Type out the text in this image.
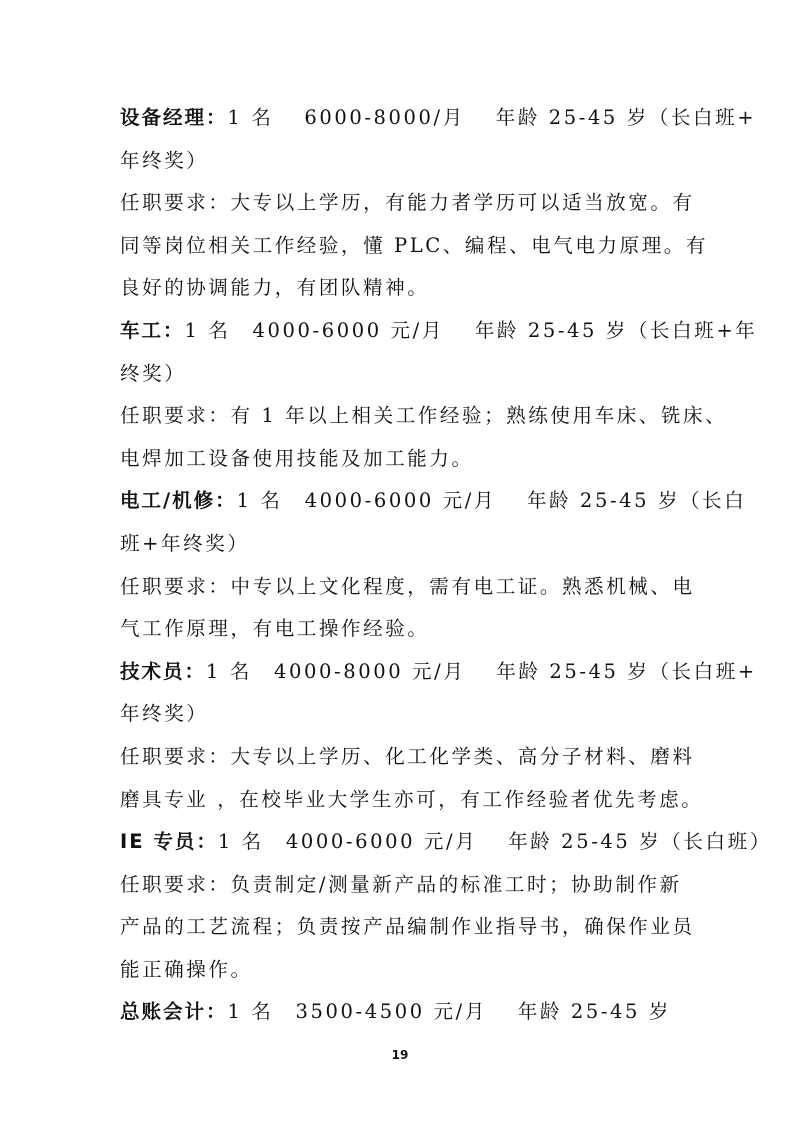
设备经理：1 名　 6000-8000/月　 年龄 25-45 岁（长白班+
年终奖）
任职要求：大专以上学历，有能力者学历可以适当放宽。有
同等岗位相关工作经验，懂 PLC、编程、电气电力原理。有
良好的协调能力，有团队精神。
车工：1 名　4000-6000 元/月　 年龄 25-45 岁（长白班+年
终奖）
任职要求：有 1 年以上相关工作经验；熟练使用车床、铣床、
电焊加工设备使用技能及加工能力。
电工/机修：1 名　4000-6000 元/月　 年龄 25-45 岁（长白
班+年终奖）
任职要求：中专以上文化程度，需有电工证。熟悉机械、电
气工作原理，有电工操作经验。
技术员：1 名　4000-8000 元/月　 年龄 25-45 岁（长白班+
年终奖）
任职要求：大专以上学历、化工化学类、高分子材料、磨料
磨具专业 ，在校毕业大学生亦可，有工作经验者优先考虑。
IE 专员：1 名　4000-6000 元/月　 年龄 25-45 岁（长白班）
任职要求：负责制定/测量新产品的标准工时；协助制作新
产品的工艺流程；负责按产品编制作业指导书，确保作业员
能正确操作。
总账会计：1 名　3500-4500 元/月　 年龄 25-45 岁
19
